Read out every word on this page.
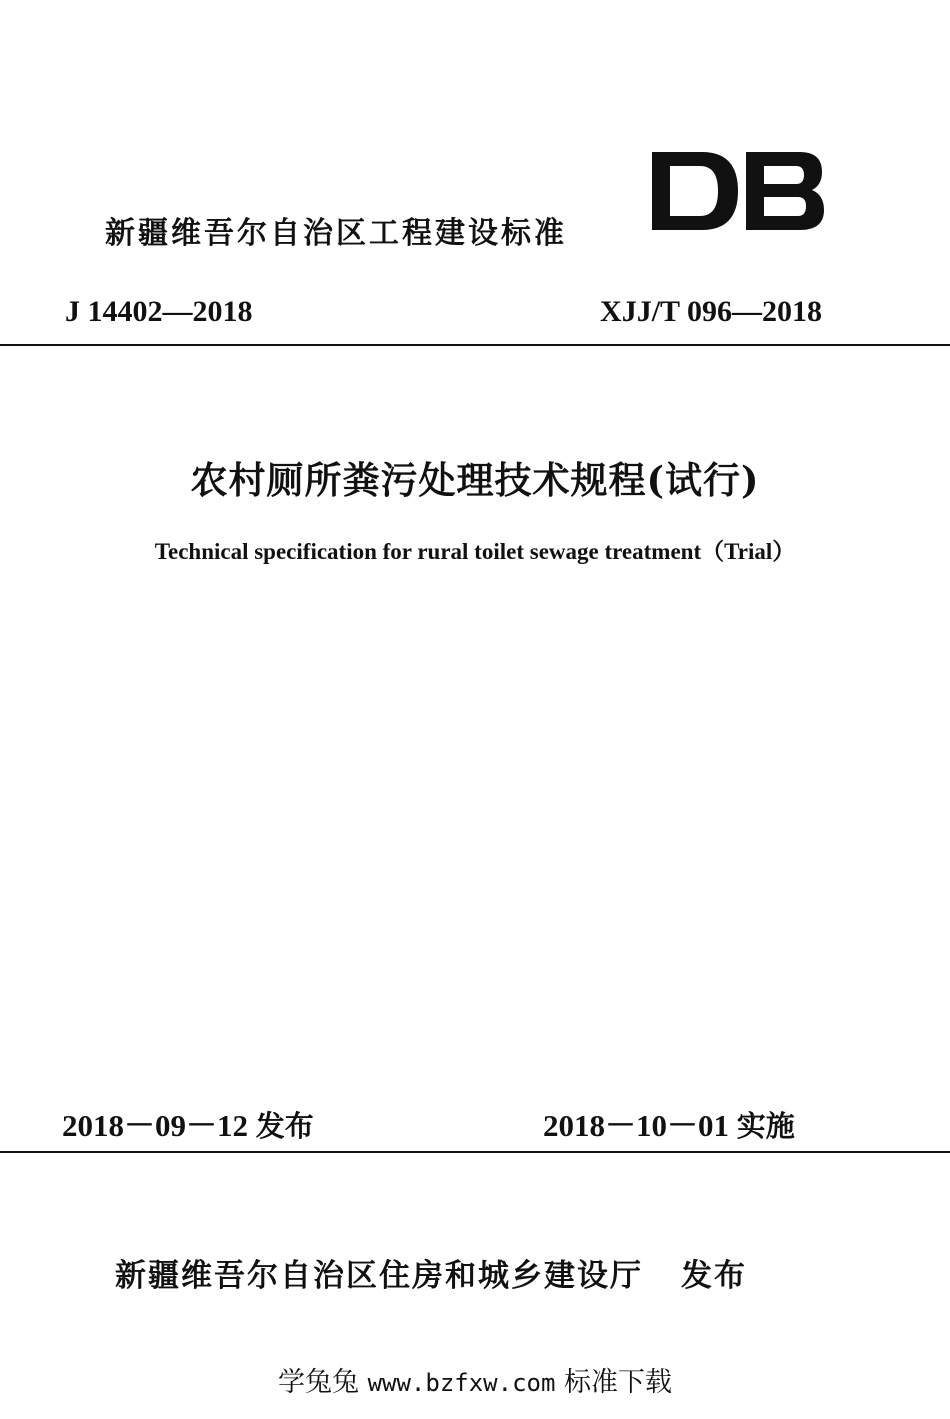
新疆维吾尔自治区工程建设标准
J 14402—2018	XJJ/T 096—2018
农村厕所粪污处理技术规程(试行)
Technical specification for rural toilet sewage treatment（Trial）
2018－09－12 发布	2018－10－01 实施
新疆维吾尔自治区住房和城乡建设厅 发布
学兔兔 www.bzfxw.com 标准下载
